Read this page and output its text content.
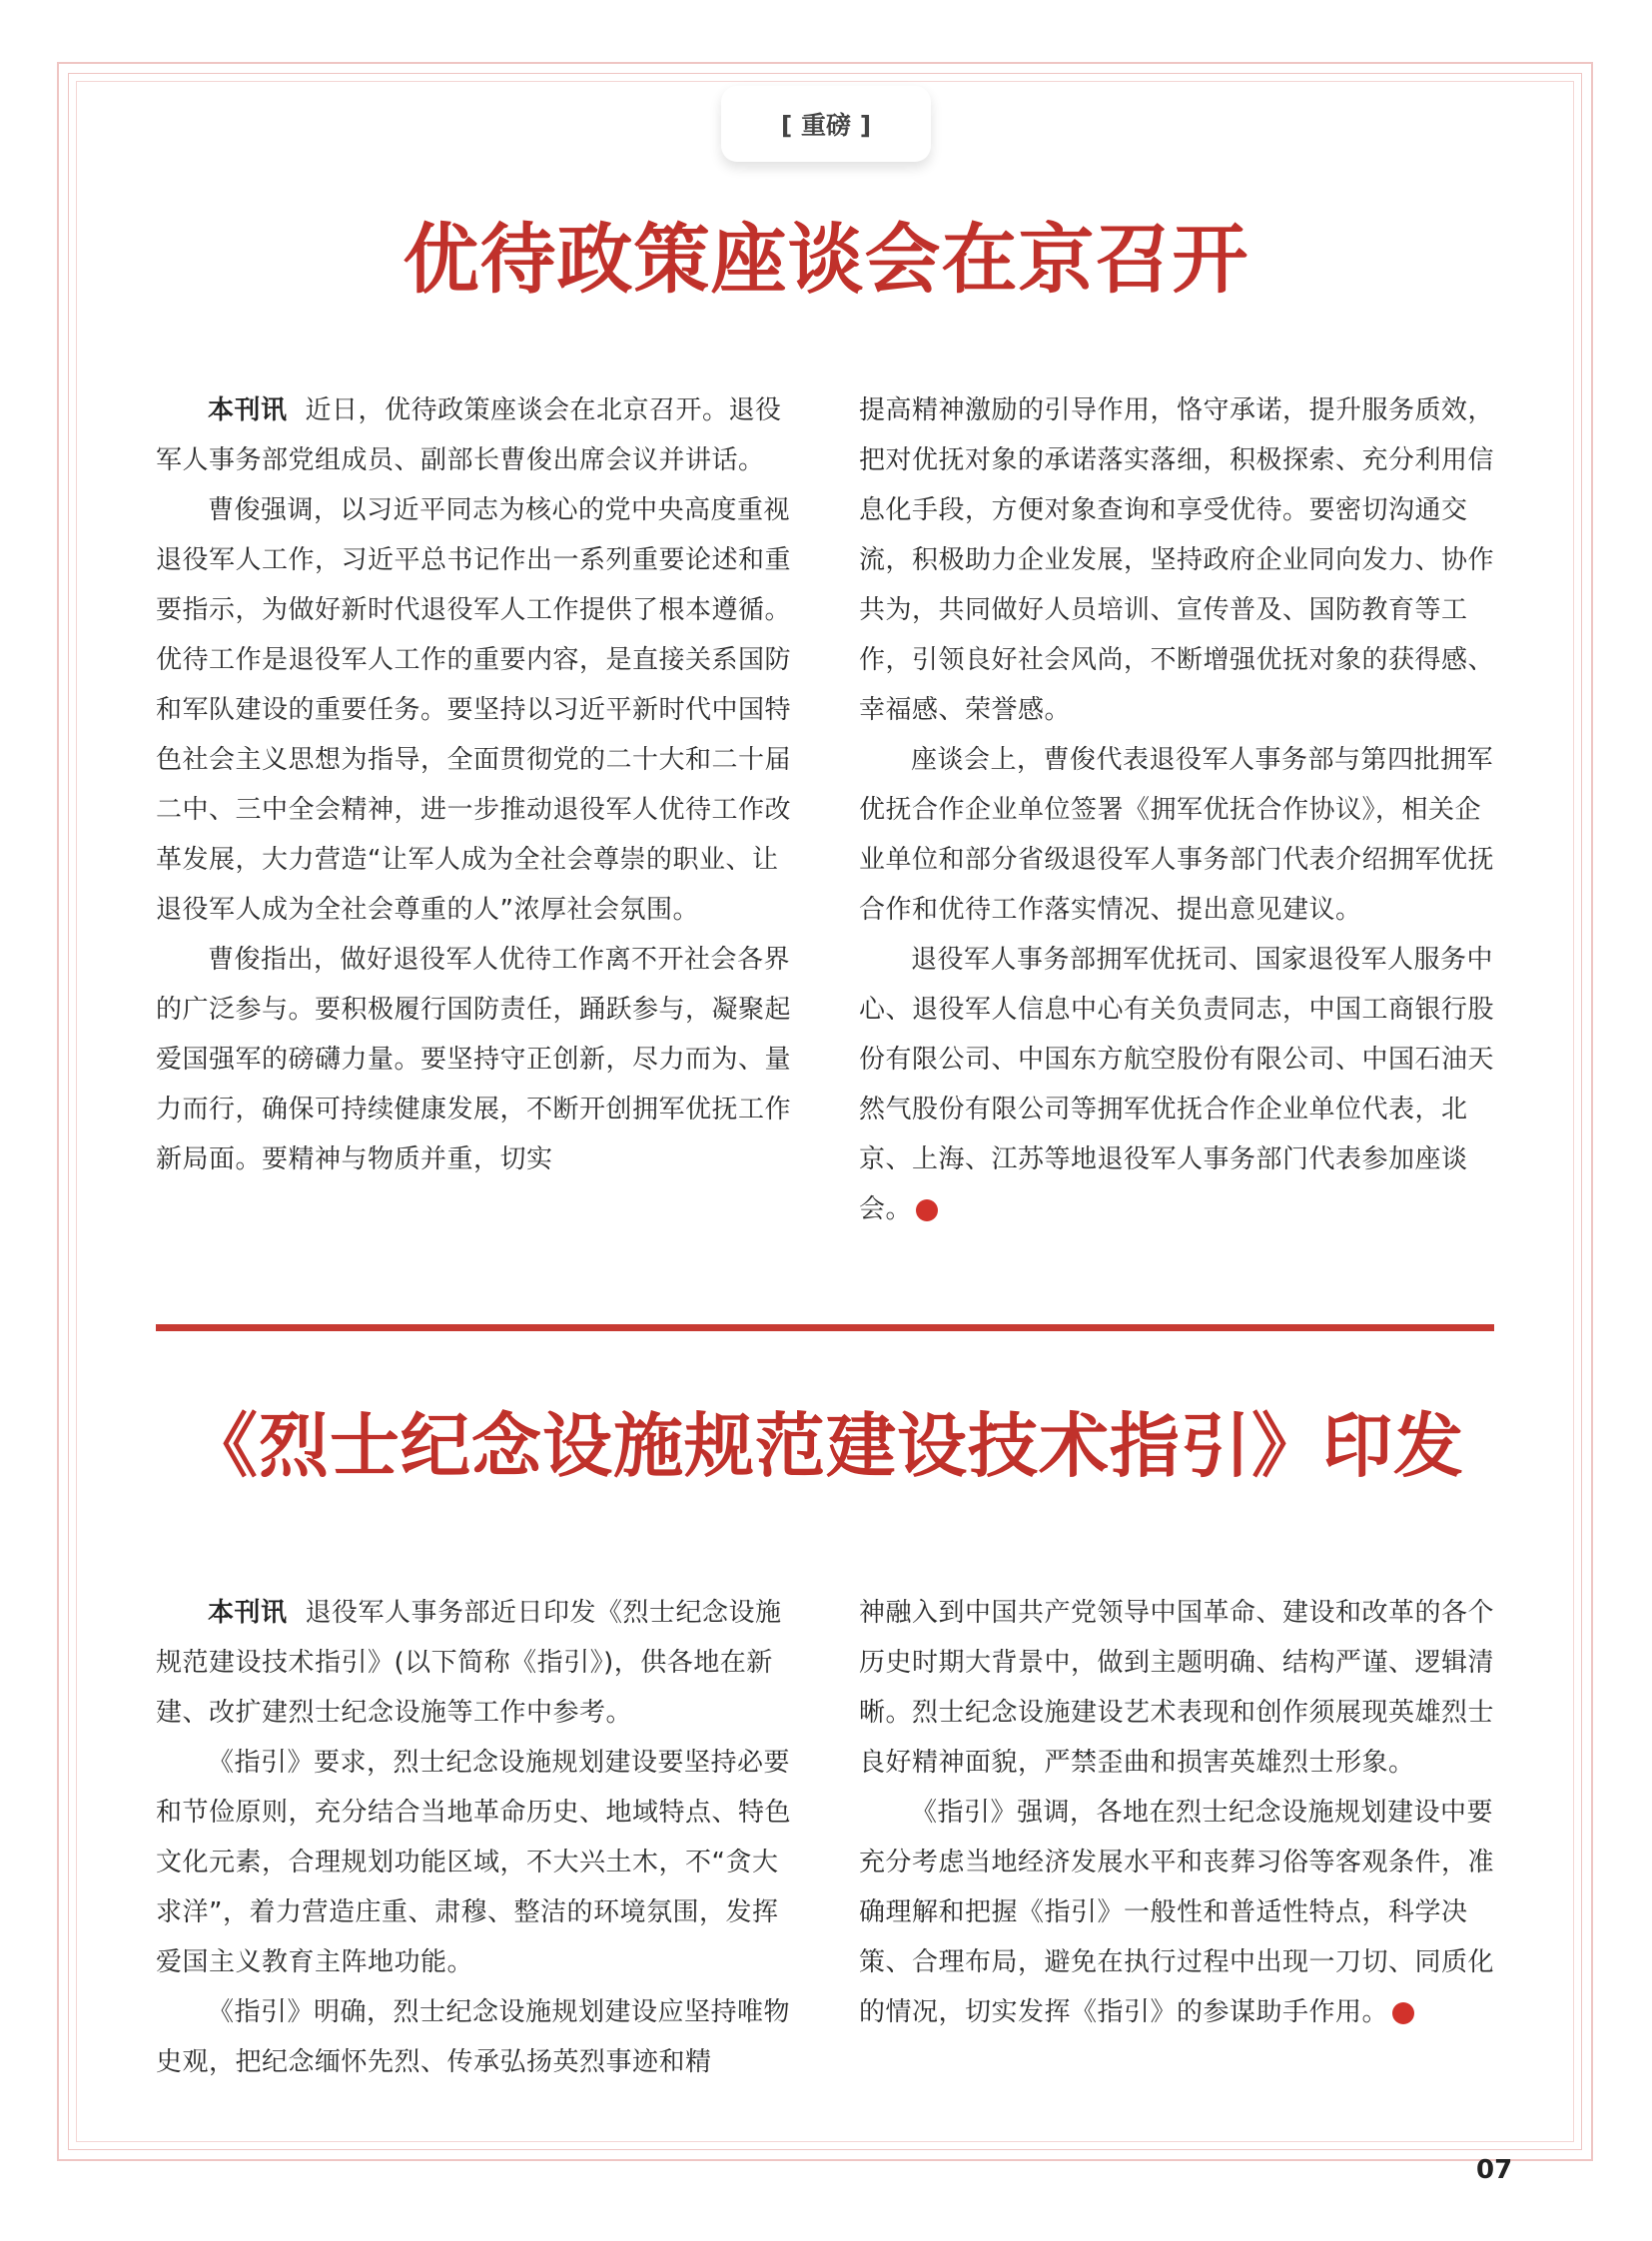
[ 重磅 ]
优待政策座谈会在京召开

本刊讯 近日，优待政策座谈会在北京召开。退役军人事务部党组成员、副部长曹俊出席会议并讲话。

曹俊强调，以习近平同志为核心的党中央高度重视退役军人工作，习近平总书记作出一系列重要论述和重要指示，为做好新时代退役军人工作提供了根本遵循。优待工作是退役军人工作的重要内容，是直接关系国防和军队建设的重要任务。要坚持以习近平新时代中国特色社会主义思想为指导，全面贯彻党的二十大和二十届二中、三中全会精神，进一步推动退役军人优待工作改革发展，大力营造“让军人成为全社会尊崇的职业、让退役军人成为全社会尊重的人”浓厚社会氛围。

曹俊指出，做好退役军人优待工作离不开社会各界的广泛参与。要积极履行国防责任，踊跃参与，凝聚起爱国强军的磅礴力量。要坚持守正创新，尽力而为、量力而行，确保可持续健康发展，不断开创拥军优抚工作新局面。要精神与物质并重，切实

提高精神激励的引导作用，恪守承诺，提升服务质效，把对优抚对象的承诺落实落细，积极探索、充分利用信息化手段，方便对象查询和享受优待。要密切沟通交流，积极助力企业发展，坚持政府企业同向发力、协作共为，共同做好人员培训、宣传普及、国防教育等工作，引领良好社会风尚，不断增强优抚对象的获得感、幸福感、荣誉感。

座谈会上，曹俊代表退役军人事务部与第四批拥军优抚合作企业单位签署《拥军优抚合作协议》，相关企业单位和部分省级退役军人事务部门代表介绍拥军优抚合作和优待工作落实情况、提出意见建议。

退役军人事务部拥军优抚司、国家退役军人服务中心、退役军人信息中心有关负责同志，中国工商银行股份有限公司、中国东方航空股份有限公司、中国石油天然气股份有限公司等拥军优抚合作企业单位代表，北京、上海、江苏等地退役军人事务部门代表参加座谈会。	N

《烈士纪念设施规范建设技术指引》印发

本刊讯 退役军人事务部近日印发《烈士纪念设施规范建设技术指引》(以下简称《指引》)，供各地在新建、改扩建烈士纪念设施等工作中参考。

《指引》要求，烈士纪念设施规划建设要坚持必要和节俭原则，充分结合当地革命历史、地域特点、特色文化元素，合理规划功能区域，不大兴土木，不“贪大求洋”，着力营造庄重、肃穆、整洁的环境氛围，发挥爱国主义教育主阵地功能。

《指引》明确，烈士纪念设施规划建设应坚持唯物史观，把纪念缅怀先烈、传承弘扬英烈事迹和精

神融入到中国共产党领导中国革命、建设和改革的各个历史时期大背景中，做到主题明确、结构严谨、逻辑清晰。烈士纪念设施建设艺术表现和创作须展现英雄烈士良好精神面貌，严禁歪曲和损害英雄烈士形象。

《指引》强调，各地在烈士纪念设施规划建设中要充分考虑当地经济发展水平和丧葬习俗等客观条件，准确理解和把握《指引》一般性和普适性特点，科学决策、合理布局，避免在执行过程中出现一刀切、同质化的情况，切实发挥《指引》的参谋助手作用。	N

07
